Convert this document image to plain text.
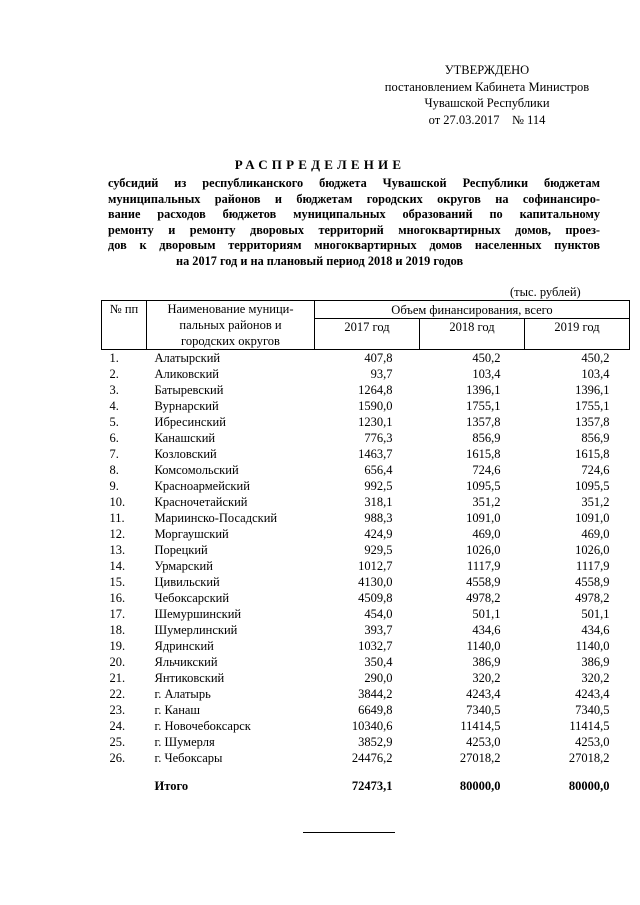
УТВЕРЖДЕНО
постановлением Кабинета Министров
Чувашской Республики
от 27.03.2017    № 114
РАСПРЕДЕЛЕНИЕ
субсидий из республиканского бюджета Чувашской Республики бюджетам
муниципальных районов и бюджетам городских округов на софинансиро-
вание расходов бюджетов муниципальных образований по капитальному
ремонту и ремонту дворовых территорий многоквартирных домов, проез-
дов к дворовым территориям многоквартирных домов населенных пунктов
на 2017 год и на плановый период 2018 и 2019 годов
(тыс. рублей)
№ пп	Наименование муници-пальных районов и городских округов	Объем финансирования, всего		
		2017 год	2018 год	2019 год
1.	Алатырский	407,8	450,2	450,2
2.	Аликовский	93,7	103,4	103,4
3.	Батыревский	1264,8	1396,1	1396,1
4.	Вурнарский	1590,0	1755,1	1755,1
5.	Ибресинский	1230,1	1357,8	1357,8
6.	Канашский	776,3	856,9	856,9
7.	Козловский	1463,7	1615,8	1615,8
8.	Комсомольский	656,4	724,6	724,6
9.	Красноармейский	992,5	1095,5	1095,5
10.	Красночетайский	318,1	351,2	351,2
11.	Мариинско-Посадский	988,3	1091,0	1091,0
12.	Моргаушский	424,9	469,0	469,0
13.	Порецкий	929,5	1026,0	1026,0
14.	Урмарский	1012,7	1117,9	1117,9
15.	Цивильский	4130,0	4558,9	4558,9
16.	Чебоксарский	4509,8	4978,2	4978,2
17.	Шемуршинский	454,0	501,1	501,1
18.	Шумерлинский	393,7	434,6	434,6
19.	Ядринский	1032,7	1140,0	1140,0
20.	Яльчикский	350,4	386,9	386,9
21.	Янтиковский	290,0	320,2	320,2
22.	г. Алатырь	3844,2	4243,4	4243,4
23.	г. Канаш	6649,8	7340,5	7340,5
24.	г. Новочебоксарск	10340,6	11414,5	11414,5
25.	г. Шумерля	3852,9	4253,0	4253,0
26.	г. Чебоксары	24476,2	27018,2	27018,2
	Итого	72473,1	80000,0	80000,0
